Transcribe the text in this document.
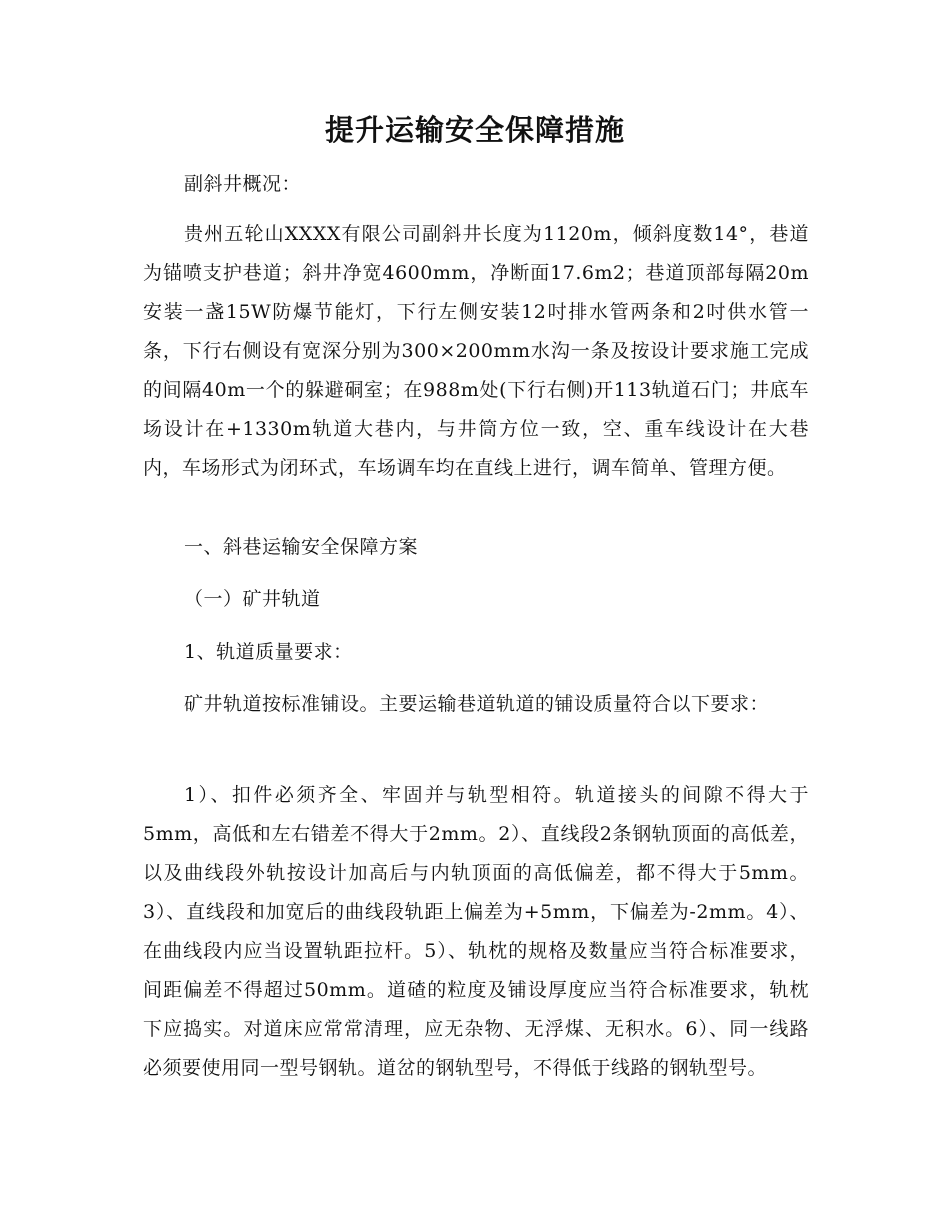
提升运输安全保障措施
副斜井概况：
贵州五轮山XXXX有限公司副斜井长度为1120m，倾斜度数14°，巷道为锚喷支护巷道；斜井净宽4600mm，净断面17.6m2；巷道顶部每隔20m安装一盏15W防爆节能灯，下行左侧安装12吋排水管两条和2吋供水管一条，下行右侧设有宽深分别为300×200mm水沟一条及按设计要求施工完成的间隔40m一个的躲避硐室；在988m处(下行右侧)开113轨道石门；井底车场设计在+1330m轨道大巷内，与井筒方位一致，空、重车线设计在大巷内，车场形式为闭环式，车场调车均在直线上进行，调车简单、管理方便。
一、斜巷运输安全保障方案
（一）矿井轨道
1、轨道质量要求：
矿井轨道按标准铺设。主要运输巷道轨道的铺设质量符合以下要求：
1）、扣件必须齐全、牢固并与轨型相符。轨道接头的间隙不得大于5mm，高低和左右错差不得大于2mm。2）、直线段2条钢轨顶面的高低差，以及曲线段外轨按设计加高后与内轨顶面的高低偏差，都不得大于5mm。3）、直线段和加宽后的曲线段轨距上偏差为+5mm，下偏差为-2mm。4）、在曲线段内应当设置轨距拉杆。5）、轨枕的规格及数量应当符合标准要求，间距偏差不得超过50mm。道碴的粒度及铺设厚度应当符合标准要求，轨枕下应捣实。对道床应常常清理，应无杂物、无浮煤、无积水。6）、同一线路必须要使用同一型号钢轨。道岔的钢轨型号，不得低于线路的钢轨型号。
